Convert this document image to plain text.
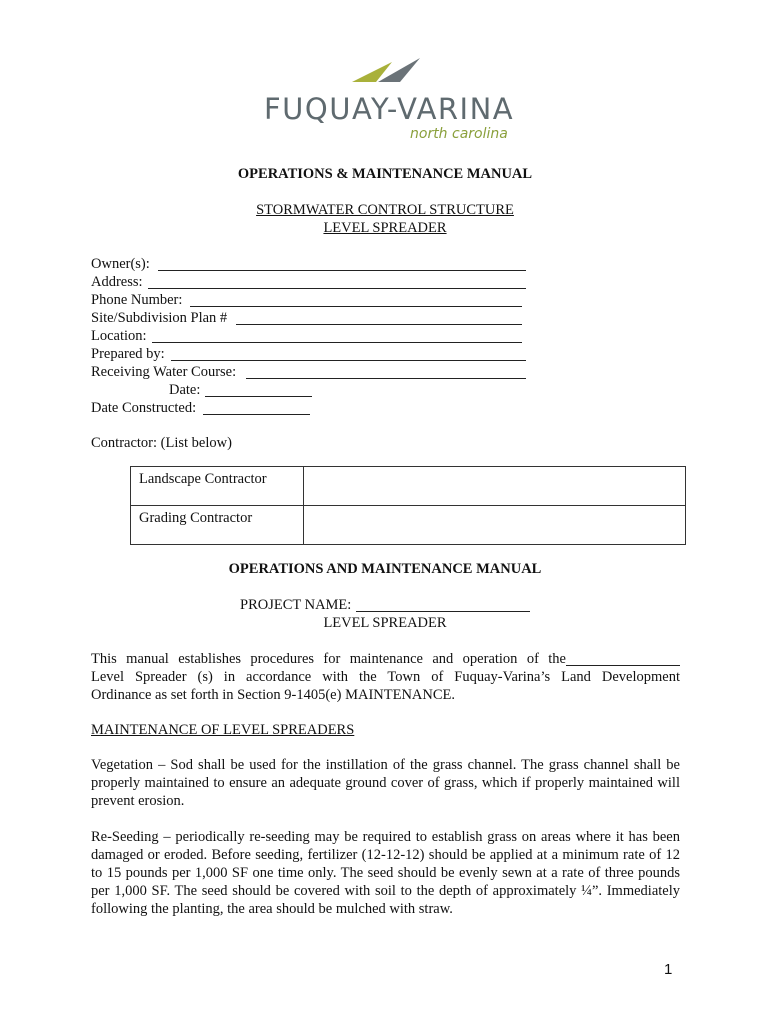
FUQUAY-VARINA
north carolina
OPERATIONS & MAINTENANCE MANUAL
STORMWATER CONTROL STRUCTURE
LEVEL SPREADER
Owner(s):
Address:
Phone Number:
Site/Subdivision Plan #
Location:
Prepared by:
Receiving Water Course:
Date:
Date Constructed:
Contractor: (List below)
Landscape Contractor	
Grading Contractor	
OPERATIONS AND MAINTENANCE MANUAL
PROJECT NAME:
LEVEL SPREADER
This manual establishes procedures for maintenance and operation of the
Level Spreader (s) in accordance with the Town of Fuquay-Varina’s Land Development
Ordinance as set forth in Section 9-1405(e) MAINTENANCE.
MAINTENANCE OF LEVEL SPREADERS
Vegetation – Sod shall be used for the instillation of the grass channel. The grass channel shall be properly maintained to ensure an adequate ground cover of grass, which if properly maintained will prevent erosion.
Re-Seeding – periodically re-seeding may be required to establish grass on areas where it has been damaged or eroded. Before seeding, fertilizer (12-12-12) should be applied at a minimum rate of 12 to 15 pounds per 1,000 SF one time only. The seed should be evenly sewn at a rate of three pounds per 1,000 SF. The seed should be covered with soil to the depth of approximately ¼”. Immediately following the planting, the area should be mulched with straw.
1
